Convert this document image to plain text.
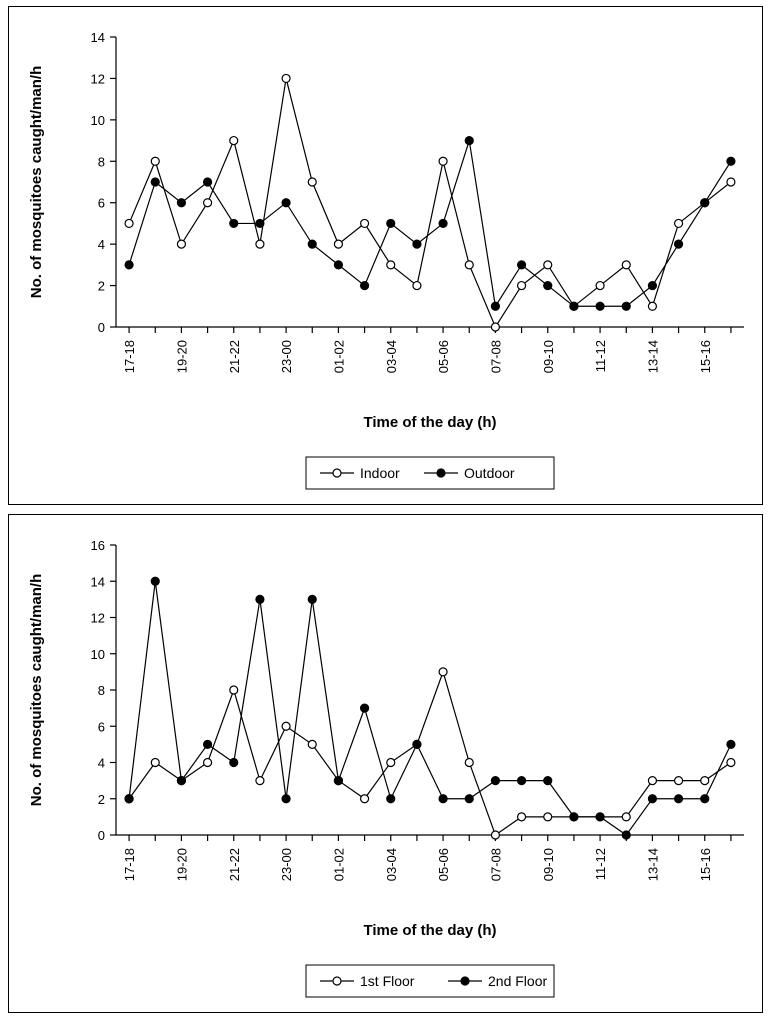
No. of mosquitoes caught/man/h
0
2
4
6
8
10
12
14
17-18	19-20	21-22	23-00	01-02	03-04	05-06	07-08	09-10	11-12	13-14	15-16
Time of the day (h)
Indoor	Outdoor
No. of mosquitoes caught/man/h
0
2
4
6
8
10
12
14
16
17-18	19-20	21-22	23-00	01-02	03-04	05-06	07-08	09-10	11-12	13-14	15-16
Time of the day (h)
1st Floor	2nd Floor
